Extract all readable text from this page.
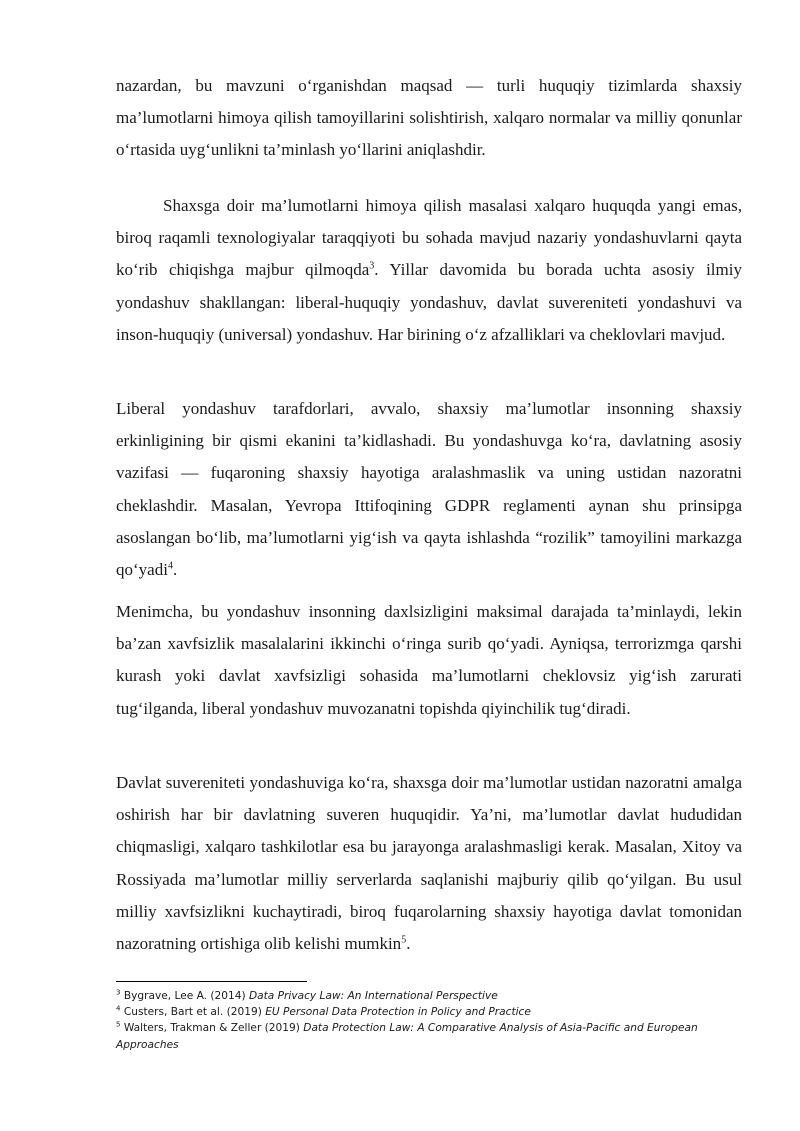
nazardan, bu mavzuni o‘rganishdan maqsad — turli huquqiy tizimlarda shaxsiy ma’lumotlarni himoya qilish tamoyillarini solishtirish, xalqaro normalar va milliy qonunlar o‘rtasida uyg‘unlikni ta’minlash yo‘llarini aniqlashdir.

Shaxsga doir ma’lumotlarni himoya qilish masalasi xalqaro huquqda yangi emas, biroq raqamli texnologiyalar taraqqiyoti bu sohada mavjud nazariy yondashuvlarni qayta ko‘rib chiqishga majbur qilmoqda$^3$. Yillar davomida bu borada uchta asosiy ilmiy yondashuv shakllangan: liberal-huquqiy yondashuv, davlat suvereniteti yondashuvi va inson-huquqiy (universal) yondashuv. Har birining o‘z afzalliklari va cheklovlari mavjud.

Liberal yondashuv tarafdorlari, avvalo, shaxsiy ma’lumotlar insonning shaxsiy erkinligining bir qismi ekanini ta’kidlashadi. Bu yondashuvga ko‘ra, davlatning asosiy vazifasi — fuqaroning shaxsiy hayotiga aralashmaslik va uning ustidan nazoratni cheklashdir. Masalan, Yevropa Ittifoqining GDPR reglamenti aynan shu prinsipga asoslangan bo‘lib, ma’lumotlarni yig‘ish va qayta ishlashda “rozilik” tamoyilini markazga qo‘yadi$^4$.

Menimcha, bu yondashuv insonning daxlsizligini maksimal darajada ta’minlaydi, lekin ba’zan xavfsizlik masalalarini ikkinchi o‘ringa surib qo‘yadi. Ayniqsa, terrorizmga qarshi kurash yoki davlat xavfsizligi sohasida ma’lumotlarni cheklovsiz yig‘ish zarurati tug‘ilganda, liberal yondashuv muvozanatni topishda qiyinchilik tug‘diradi.

Davlat suvereniteti yondashuviga ko‘ra, shaxsga doir ma’lumotlar ustidan nazoratni amalga oshirish har bir davlatning suveren huquqidir. Ya’ni, ma’lumotlar davlat hududidan chiqmasligi, xalqaro tashkilotlar esa bu jarayonga aralashmasligi kerak. Masalan, Xitoy va Rossiyada ma’lumotlar milliy serverlarda saqlanishi majburiy qilib qo‘yilgan. Bu usul milliy xavfsizlikni kuchaytiradi, biroq fuqarolarning shaxsiy hayotiga davlat tomonidan nazoratning ortishiga olib kelishi mumkin$^5$.

$^3$ Bygrave, Lee A. (2014) Data Privacy Law: An International Perspective

$^4$ Custers, Bart et al. (2019) EU Personal Data Protection in Policy and Practice

$^5$ Walters, Trakman & Zeller (2019) Data Protection Law: A Comparative Analysis of Asia-Pacific and European Approaches
